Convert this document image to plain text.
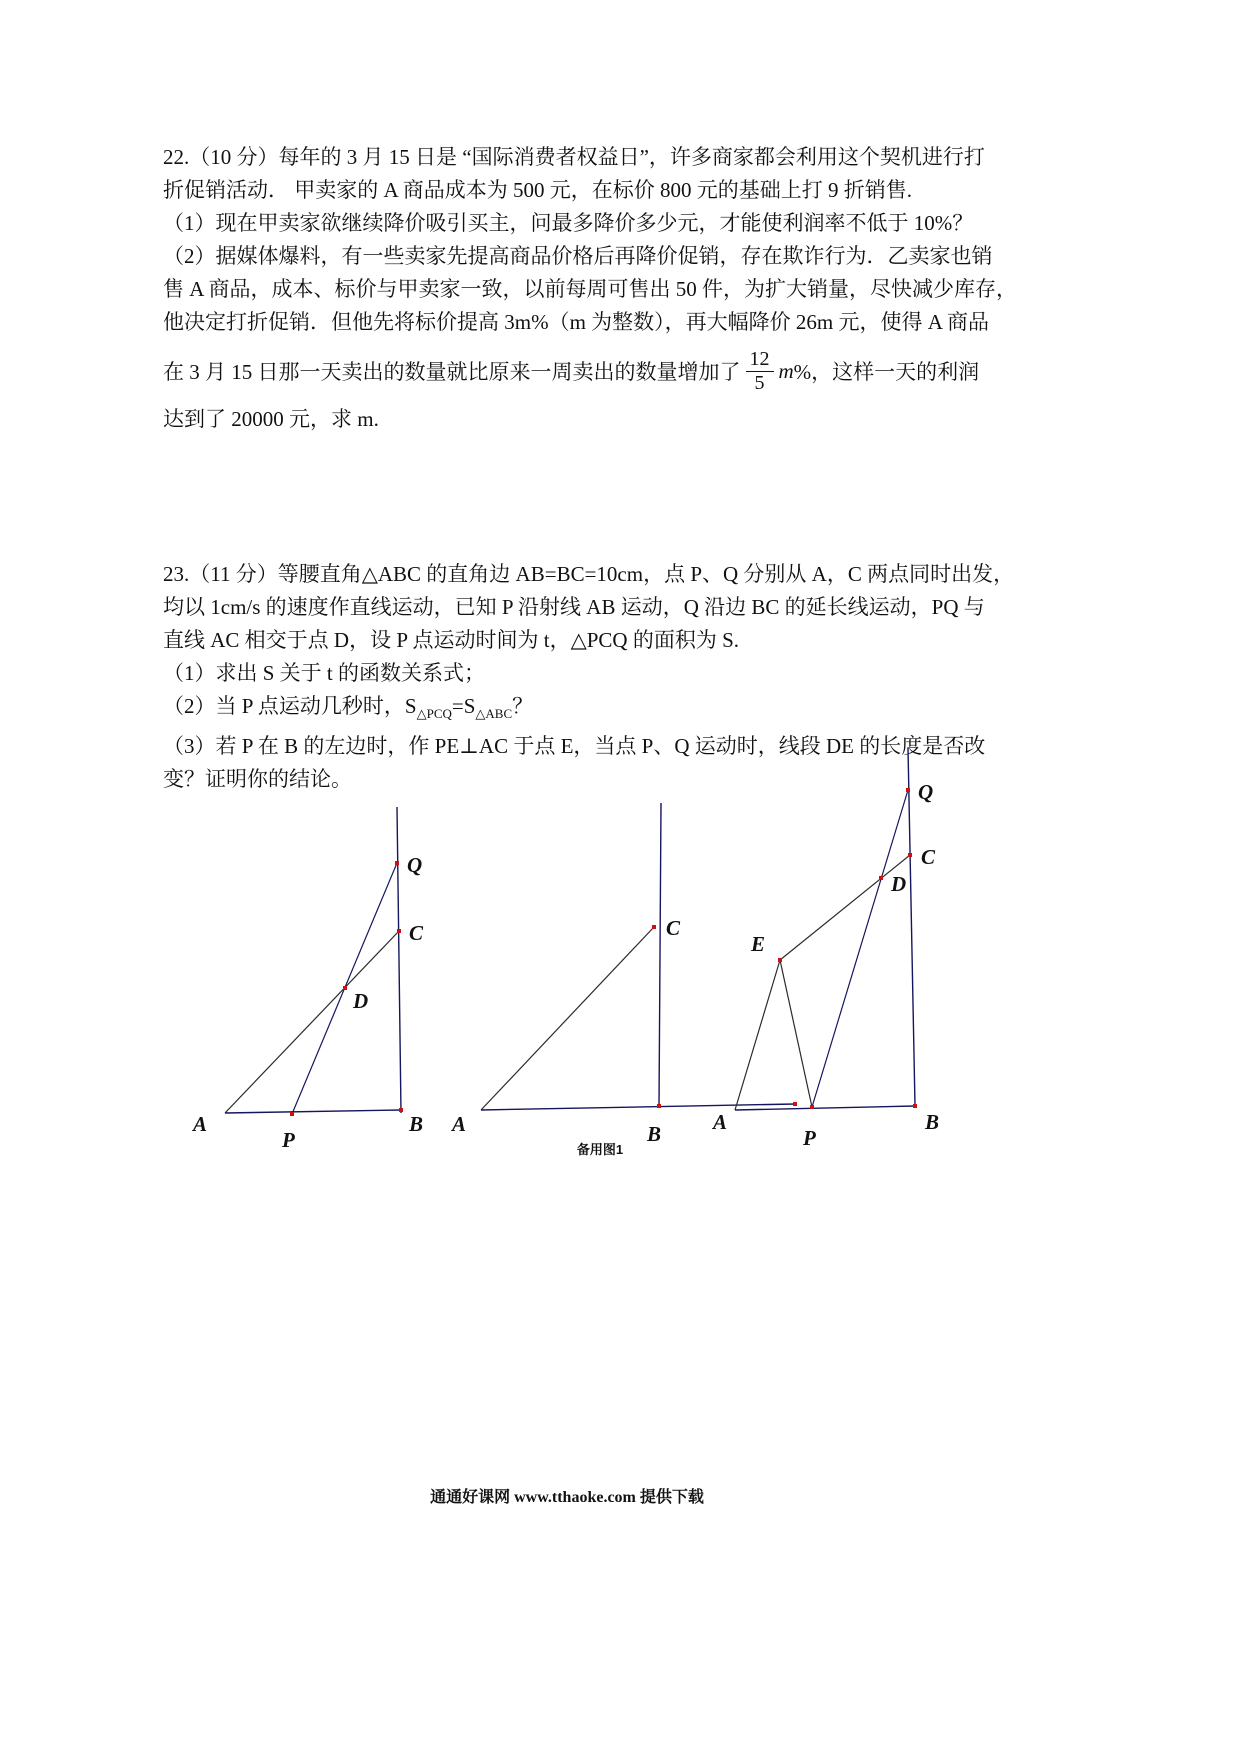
22.（10 分）每年的 3 月 15 日是 “国际消费者权益日”，许多商家都会利用这个契机进行打
折促销活动． 甲卖家的 A 商品成本为 500 元，在标价 800 元的基础上打 9 折销售.
（1）现在甲卖家欲继续降价吸引买主，问最多降价多少元，才能使利润率不低于 10%？
（2）据媒体爆料，有一些卖家先提高商品价格后再降价促销，存在欺诈行为．乙卖家也销
售 A 商品，成本、标价与甲卖家一致，以前每周可售出 50 件，为扩大销量，尽快减少库存，
他决定打折促销．但他先将标价提高 3m%（m 为整数），再大幅降价 26m 元，使得 A 商品
在 3 月 15 日那一天卖出的数量就比原来一周卖出的数量增加了 $\frac{12}{5}$ m %，这样一天的利润
达到了 20000 元，求 m.
23.（11 分）等腰直角△ABC 的直角边 AB=BC=10cm，点 P、Q 分别从 A，C 两点同时出发，
均以 1cm/s 的速度作直线运动，已知 P 沿射线 AB 运动，Q 沿边 BC 的延长线运动，PQ 与
直线 AC 相交于点 D，设 P 点运动时间为 t，△PCQ 的面积为 S.
（1）求出 S 关于 t 的函数关系式；
（2）当 P 点运动几秒时，$S_{\triangle PCQ}=S_{\triangle ABC}$？
（3）若 P 在 B 的左边时，作 PE⊥AC 于点 E，当点 P、Q 运动时，线段 DE 的长度是否改
变？证明你的结论。
Q
C
D
A
P
B A	B
C
备用图1
Q
C
D
E
A
P
B
通通好课网 www.tthaoke.com 提供下载
